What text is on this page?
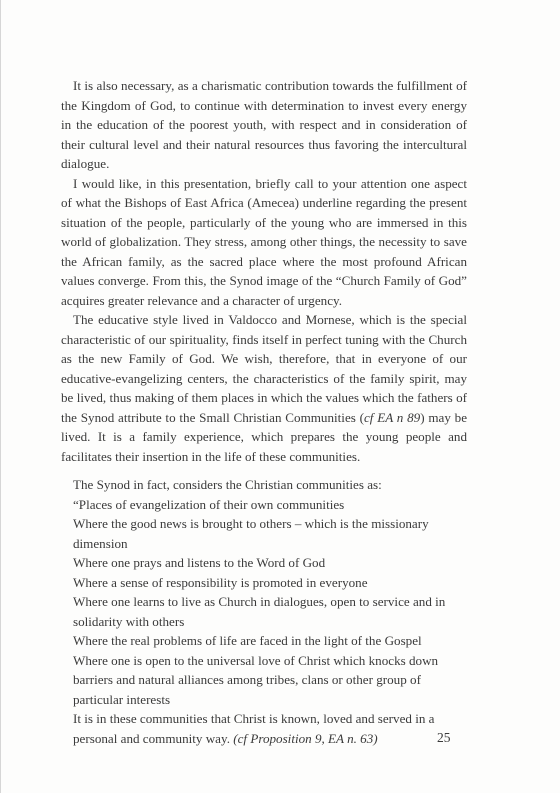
It is also necessary, as a charismatic contribution towards the fulfillment of the Kingdom of God, to continue with determination to invest every energy in the education of the poorest youth, with respect and in consideration of their cultural level and their natural resources thus favoring the intercultural dialogue.

I would like, in this presentation, briefly call to your attention one aspect of what the Bishops of East Africa (Amecea) underline regarding the present situation of the people, particularly of the young who are immersed in this world of globalization. They stress, among other things, the necessity to save the African family, as the sacred place where the most profound African values converge. From this, the Synod image of the “Church Family of God” acquires greater relevance and a character of urgency.

The educative style lived in Valdocco and Mornese, which is the special characteristic of our spirituality, finds itself in perfect tuning with the Church as the new Family of God. We wish, therefore, that in everyone of our educative-evangelizing centers, the characteristics of the family spirit, may be lived, thus making of them places in which the values which the fathers of the Synod attribute to the Small Christian Communities (cf EA n 89) may be lived. It is a family experience, which prepares the young people and facilitates their insertion in the life of these communities.

The Synod in fact, considers the Christian communities as:

“Places of evangelization of their own communities

Where the good news is brought to others – which is the missionary dimension

Where one prays and listens to the Word of God

Where a sense of responsibility is promoted in everyone

Where one learns to live as Church in dialogues, open to service and in solidarity with others

Where the real problems of life are faced in the light of the Gospel

Where one is open to the universal love of Christ which knocks down barriers and natural alliances among tribes, clans or other group of particular interests

It is in these communities that Christ is known, loved and served in a personal and community way. (cf Proposition 9, EA n. 63)	25
